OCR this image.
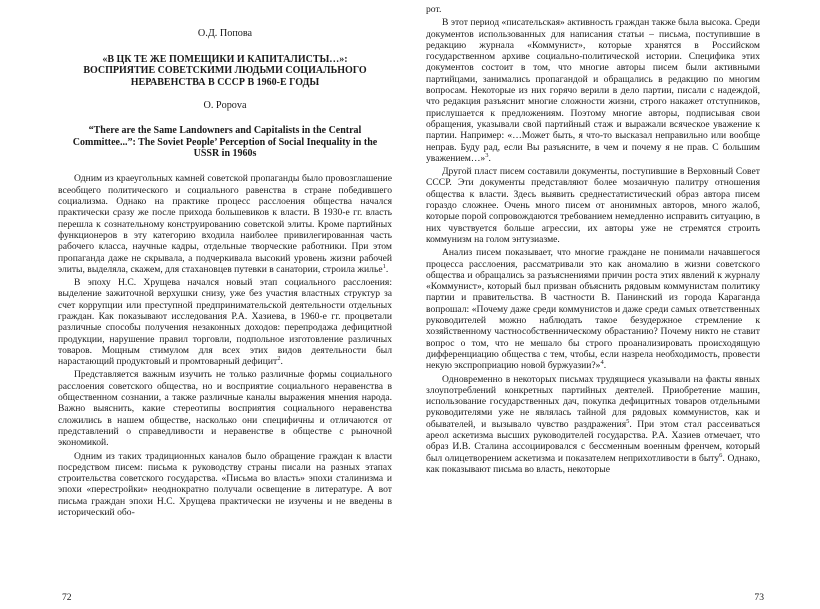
О.Д. Попова
«В ЦК ТЕ ЖЕ ПОМЕЩИКИ И КАПИТАЛИСТЫ…»: ВОСПРИЯТИЕ СОВЕТСКИМИ ЛЮДЬМИ СОЦИАЛЬНОГО НЕРАВЕНСТВА В СССР В 1960-Е ГОДЫ
O. Popova
“There are the Same Landowners and Capitalists in the Central Committee...”: The Soviet People’ Perception of Social Inequality in the USSR in 1960s

Одним из краеугольных камней советской пропаганды было провозглашение всеобщего политического и социального равенства в стране победившего социализма. Однако на практике процесс расслоения общества начался практически сразу же после прихода большевиков к власти. В 1930-е гг. власть перешла к сознательному конструированию советской элиты. Кроме партийных функционеров в эту категорию входила наиболее привилегированная часть рабочего класса, научные кадры, отдельные творческие работники. При этом пропаганда даже не скрывала, а подчеркивала высокий уровень жизни рабочей элиты, выделяла, скажем, для стахановцев путевки в санатории, строила жилье$^1$.

В эпоху Н.С. Хрущева начался новый этап социального расслоения: выделение зажиточной верхушки снизу, уже без участия властных структур за счет коррупции или преступной предпринимательской деятельности отдельных граждан. Как показывают исследования Р.А. Хазиева, в 1960-е гг. процветали различные способы получения незаконных доходов: перепродажа дефицитной продукции, нарушение правил торговли, подпольное изготовление различных товаров. Мощным стимулом для всех этих видов деятельности был нарастающий продуктовый и промтоварный дефицит$^2$.

Представляется важным изучить не только различные формы социального расслоения советского общества, но и восприятие социального неравенства в общественном сознании, а также различные каналы выражения мнения народа. Важно выяснить, какие стереотипы восприятия социального неравенства сложились в нашем обществе, насколько они специфичны и отличаются от представлений о справедливости и неравенстве в обществе с рыночной экономикой.

Одним из таких традиционных каналов было обращение граждан к власти посредством писем: письма к руководству страны писали на разных этапах строительства советского государства. «Письма во власть» эпохи сталинизма и эпохи «перестройки» неоднократно получали освещение в литературе. А вот письма граждан эпохи Н.С. Хрущева практически не изучены и не введены в исторический обо-

72

рот.

В этот период «писательская» активность граждан также была высока. Среди документов использованных для написания статьи – письма, поступившие в редакцию журнала «Коммунист», которые хранятся в Российском государственном архиве социально-политической истории. Специфика этих документов состоит в том, что многие авторы писем были активными партийцами, занимались пропагандой и обращались в редакцию по многим вопросам. Некоторые из них горячо верили в дело партии, писали с надеждой, что редакция разъяснит многие сложности жизни, строго накажет отступников, прислушается к предложениям. Поэтому многие авторы, подписывая свои обращения, указывали свой партийный стаж и выражали всяческое уважение к партии. Например: «…Может быть, я что-то высказал неправильно или вообще неправ. Буду рад, если Вы разъясните, в чем и почему я не прав. С большим уважением…»$^3$.

Другой пласт писем составили документы, поступившие в Верховный Совет СССР. Эти документы представляют более мозаичную палитру отношения общества к власти. Здесь выявить среднестатистический образ автора писем гораздо сложнее. Очень много писем от анонимных авторов, много жалоб, которые порой сопровождаются требованием немедленно исправить ситуацию, в них чувствуется больше агрессии, их авторы уже не стремятся строить коммунизм на голом энтузиазме.

Анализ писем показывает, что многие граждане не понимали начавшегося процесса расслоения, рассматривали это как аномалию в жизни советского общества и обращались за разъяснениями причин роста этих явлений к журналу «Коммунист», который был призван объяснить рядовым коммунистам политику партии и правительства. В частности В. Панинский из города Караганда вопрошал: «Почему даже среди коммунистов и даже среди самых ответственных руководителей можно наблюдать такое безудержное стремление к хозяйственному частнособственническому обрастанию? Почему никто не ставит вопрос о том, что не мешало бы строго проанализировать происходящую дифференциацию общества с тем, чтобы, если назрела необходимость, провести некую экспроприацию новой буржуазии?»$^4$.

Одновременно в некоторых письмах трудящиеся указывали на факты явных злоупотреблений конкретных партийных деятелей. Приобретение машин, использование государственных дач, покупка дефицитных товаров отдельными руководителями уже не являлась тайной для рядовых коммунистов, как и обывателей, и вызывало чувство раздражения$^5$. При этом стал рассеиваться ареол аскетизма высших руководителей государства. Р.А. Хазиев отмечает, что образ И.В. Сталина ассоциировался с бессменным военным френчем, который был олицетворением аскетизма и показателем неприхотливости в быту$^6$. Однако, как показывают письма во власть, некоторые

73
